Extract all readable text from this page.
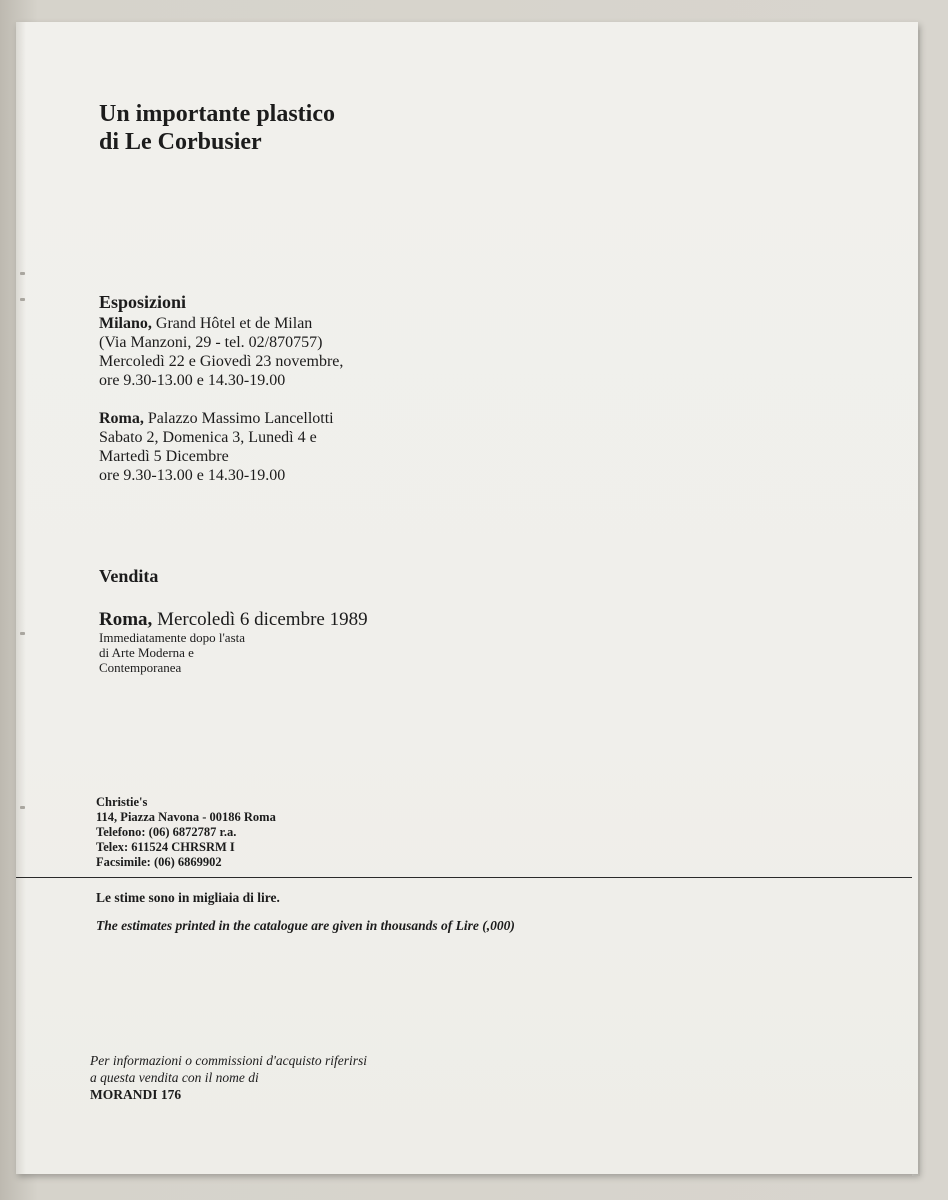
Un importante plastico
di Le Corbusier
Esposizioni
Milano, Grand Hôtel et de Milan
(Via Manzoni, 29 - tel. 02/870757)
Mercoledì 22 e Giovedì 23 novembre,
ore 9.30-13.00 e 14.30-19.00
Roma, Palazzo Massimo Lancellotti
Sabato 2, Domenica 3, Lunedì 4 e
Martedì 5 Dicembre
ore 9.30-13.00 e 14.30-19.00
Vendita
Roma, Mercoledì 6 dicembre 1989
Immediatamente dopo l'asta
di Arte Moderna e
Contemporanea
Christie's
114, Piazza Navona - 00186 Roma
Telefono: (06) 6872787 r.a.
Telex: 611524 CHRSRM I
Facsimile: (06) 6869902
Le stime sono in migliaia di lire.
The estimates printed in the catalogue are given in thousands of Lire (,000)
Per informazioni o commissioni d'acquisto riferirsi
a questa vendita con il nome di
MORANDI 176
